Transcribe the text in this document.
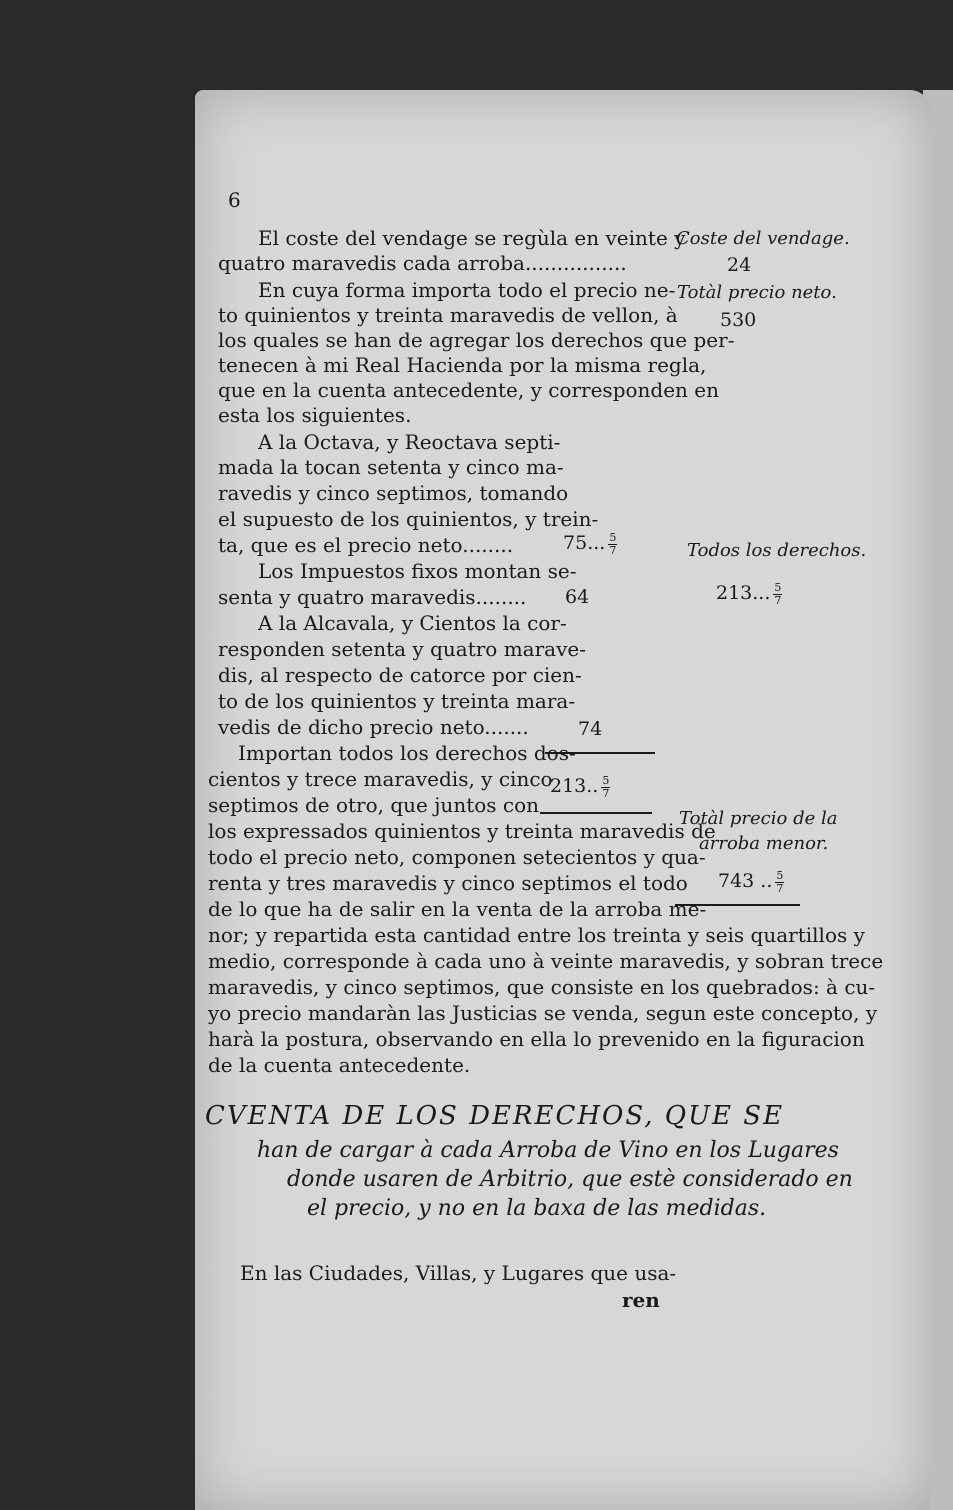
6
El coste del vendage se regùla en veinte y
quatro maravedis cada arroba................
En cuya forma importa todo el precio ne-
to quinientos y treinta maravedis de vellon, à
los quales se han de agregar los derechos que per-
tenecen à mi Real Hacienda por la misma regla,
que en la cuenta antecedente, y corresponden en
esta los siguientes.
A la Octava, y Reoctava septi-
mada la tocan setenta y cinco ma-
ravedis y cinco septimos, tomando
el supuesto de los quinientos, y trein-
ta, que es el precio neto........
Los Impuestos fixos montan se-
senta y quatro maravedis........
A la Alcavala, y Cientos la cor-
responden setenta y quatro marave-
dis, al respecto de catorce por cien-
to de los quinientos y treinta mara-
vedis de dicho precio neto.......
Importan todos los derechos dos-
cientos y trece maravedis, y cinco
septimos de otro, que juntos con
los expressados quinientos y treinta maravedis de
todo el precio neto, componen setecientos y qua-
renta y tres maravedis y cinco septimos el todo
de lo que ha de salir en la venta de la arroba me-
nor; y repartida esta cantidad entre los treinta y seis quartillos y
medio, corresponde à cada uno à veinte maravedis, y sobran trece
maravedis, y cinco septimos, que consiste en los quebrados: à cu-
yo precio mandaràn las Justicias se venda, segun este concepto, y
harà la postura, observando en ella lo prevenido en la figuracion
de la cuenta antecedente.
75... $\frac{5}{7}$
64
74
213.. $\frac{5}{7}$
Coste del vendage.
24
Totàl precio neto.
530
Todos los derechos.
213... $\frac{5}{7}$
Totàl precio de la
arroba menor.
743 .. $\frac{5}{7}$
CVENTA DE LOS DERECHOS, QUE SE
han de cargar à cada Arroba de Vino en los Lugares
donde usaren de Arbitrio, que estè considerado en
el precio, y no en la baxa de las medidas.
En las Ciudades, Villas, y Lugares que usa-
ren
